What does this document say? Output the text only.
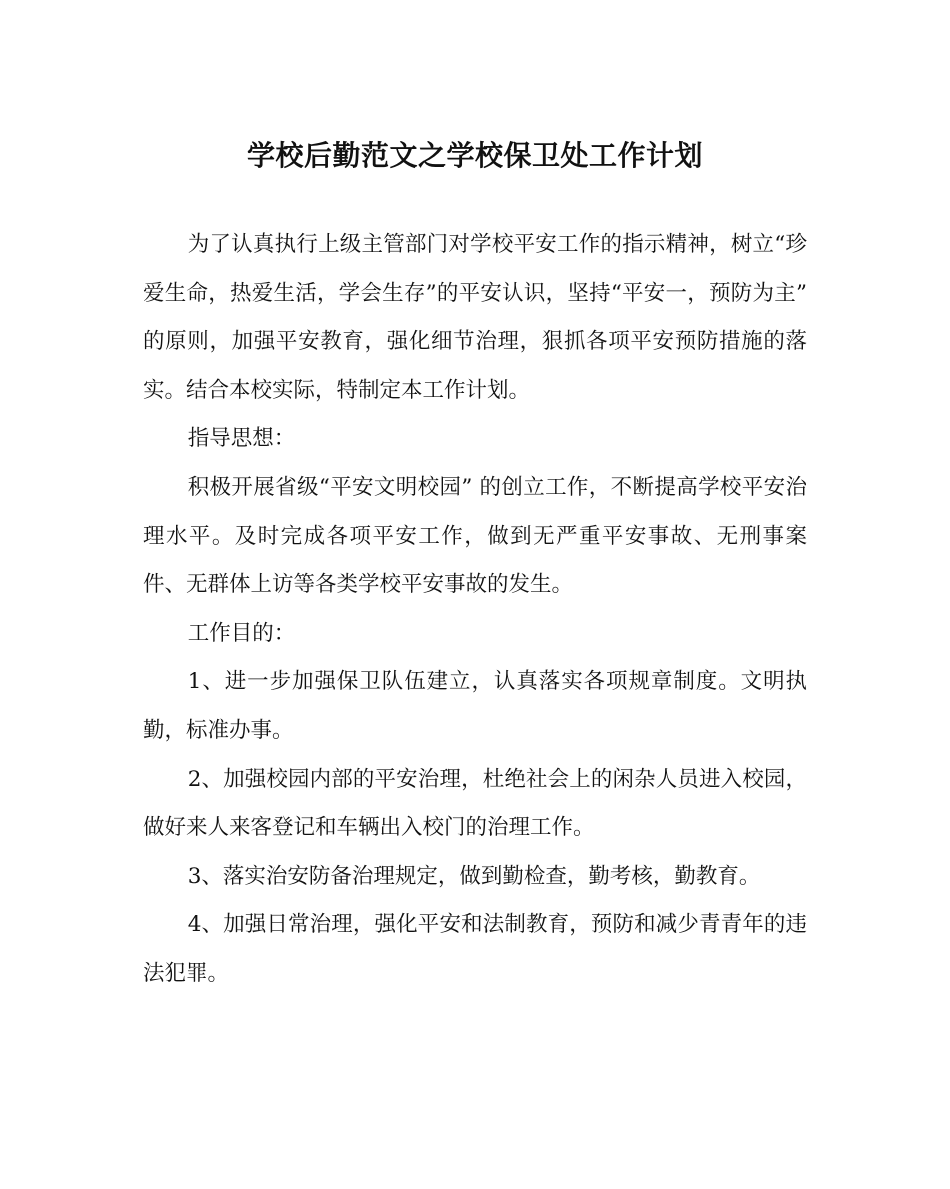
学校后勤范文之学校保卫处工作计划

为了认真执行上级主管部门对学校平安工作的指示精神，树立“珍爱生命，热爱生活，学会生存”的平安认识，坚持“平安一，预防为主” 的原则，加强平安教育，强化细节治理，狠抓各项平安预防措施的落实。结合本校实际，特制定本工作计划。

指导思想：

积极开展省级“平安文明校园” 的创立工作，不断提高学校平安治理水平。及时完成各项平安工作，做到无严重平安事故、无刑事案件、无群体上访等各类学校平安事故的发生。

工作目的：

1、进一步加强保卫队伍建立，认真落实各项规章制度。文明执勤，标准办事。

2、加强校园内部的平安治理，杜绝社会上的闲杂人员进入校园，做好来人来客登记和车辆出入校门的治理工作。

3、落实治安防备治理规定，做到勤检查，勤考核，勤教育。

4、加强日常治理，强化平安和法制教育，预防和减少青青年的违法犯罪。
